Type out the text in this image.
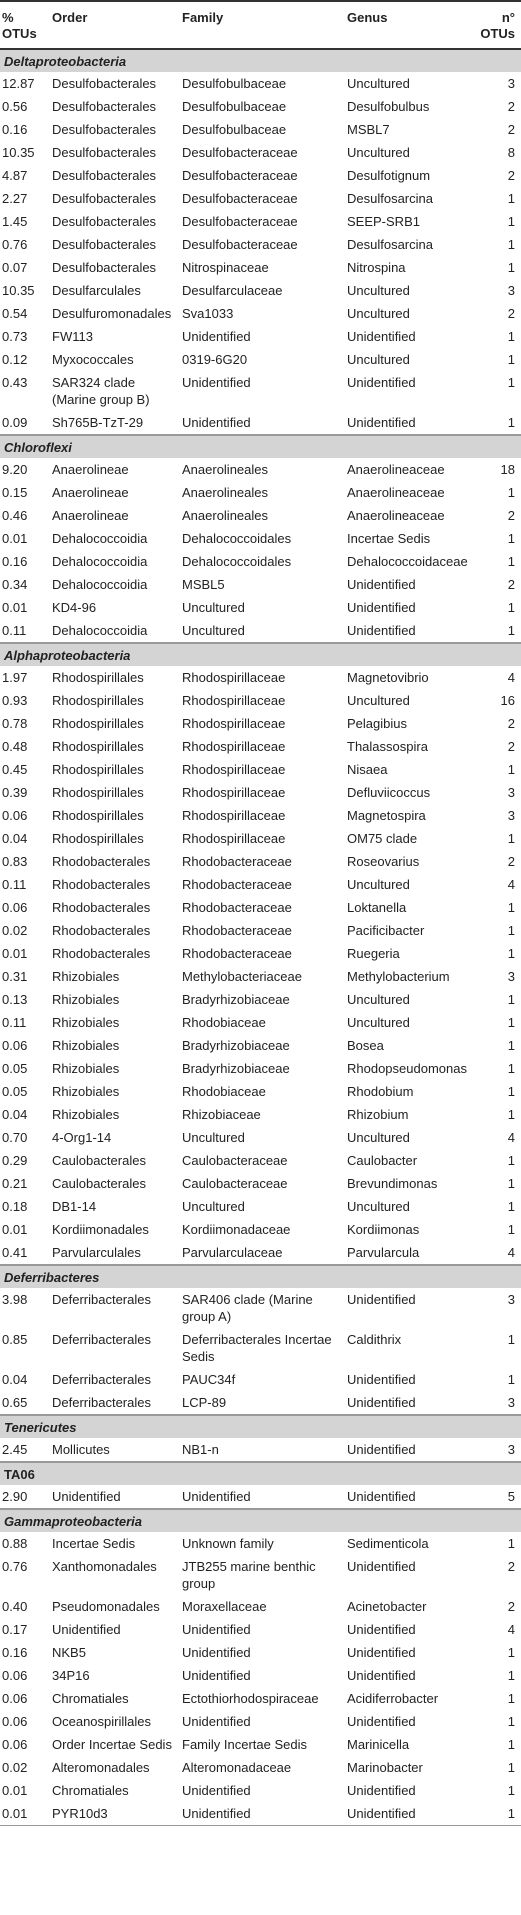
% OTUs	Order	Family	Genus	n° OTUs
Deltaproteobacteria				
12.87	Desulfobacterales	Desulfobulbaceae	Uncultured	3
0.56	Desulfobacterales	Desulfobulbaceae	Desulfobulbus	2
0.16	Desulfobacterales	Desulfobulbaceae	MSBL7	2
10.35	Desulfobacterales	Desulfobacteraceae	Uncultured	8
4.87	Desulfobacterales	Desulfobacteraceae	Desulfotignum	2
2.27	Desulfobacterales	Desulfobacteraceae	Desulfosarcina	1
1.45	Desulfobacterales	Desulfobacteraceae	SEEP-SRB1	1
0.76	Desulfobacterales	Desulfobacteraceae	Desulfosarcina	1
0.07	Desulfobacterales	Nitrospinaceae	Nitrospina	1
10.35	Desulfarculales	Desulfarculaceae	Uncultured	3
0.54	Desulfuromonadales	Sva1033	Uncultured	2
0.73	FW113	Unidentified	Unidentified	1
0.12	Myxococcales	0319-6G20	Uncultured	1
0.43	SAR324 clade (Marine group B)	Unidentified	Unidentified	1
0.09	Sh765B-TzT-29	Unidentified	Unidentified	1
Chloroflexi				
9.20	Anaerolineae	Anaerolineales	Anaerolineaceae	18
0.15	Anaerolineae	Anaerolineales	Anaerolineaceae	1
0.46	Anaerolineae	Anaerolineales	Anaerolineaceae	2
0.01	Dehalococcoidia	Dehalococcoidales	Incertae Sedis	1
0.16	Dehalococcoidia	Dehalococcoidales	Dehalococcoidaceae	1
0.34	Dehalococcoidia	MSBL5	Unidentified	2
0.01	KD4-96	Uncultured	Unidentified	1
0.11	Dehalococcoidia	Uncultured	Unidentified	1
Alphaproteobacteria				
1.97	Rhodospirillales	Rhodospirillaceae	Magnetovibrio	4
0.93	Rhodospirillales	Rhodospirillaceae	Uncultured	16
0.78	Rhodospirillales	Rhodospirillaceae	Pelagibius	2
0.48	Rhodospirillales	Rhodospirillaceae	Thalassospira	2
0.45	Rhodospirillales	Rhodospirillaceae	Nisaea	1
0.39	Rhodospirillales	Rhodospirillaceae	Defluviicoccus	3
0.06	Rhodospirillales	Rhodospirillaceae	Magnetospira	3
0.04	Rhodospirillales	Rhodospirillaceae	OM75 clade	1
0.83	Rhodobacterales	Rhodobacteraceae	Roseovarius	2
0.11	Rhodobacterales	Rhodobacteraceae	Uncultured	4
0.06	Rhodobacterales	Rhodobacteraceae	Loktanella	1
0.02	Rhodobacterales	Rhodobacteraceae	Pacificibacter	1
0.01	Rhodobacterales	Rhodobacteraceae	Ruegeria	1
0.31	Rhizobiales	Methylobacteriaceae	Methylobacterium	3
0.13	Rhizobiales	Bradyrhizobiaceae	Uncultured	1
0.11	Rhizobiales	Rhodobiaceae	Uncultured	1
0.06	Rhizobiales	Bradyrhizobiaceae	Bosea	1
0.05	Rhizobiales	Bradyrhizobiaceae	Rhodopseudomonas	1
0.05	Rhizobiales	Rhodobiaceae	Rhodobium	1
0.04	Rhizobiales	Rhizobiaceae	Rhizobium	1
0.70	4-Org1-14	Uncultured	Uncultured	4
0.29	Caulobacterales	Caulobacteraceae	Caulobacter	1
0.21	Caulobacterales	Caulobacteraceae	Brevundimonas	1
0.18	DB1-14	Uncultured	Uncultured	1
0.01	Kordiimonadales	Kordiimonadaceae	Kordiimonas	1
0.41	Parvularculales	Parvularculaceae	Parvularcula	4
Deferribacteres				
3.98	Deferribacterales	SAR406 clade (Marine group A)	Unidentified	3
0.85	Deferribacterales	Deferribacterales Incertae Sedis	Caldithrix	1
0.04	Deferribacterales	PAUC34f	Unidentified	1
0.65	Deferribacterales	LCP-89	Unidentified	3
Tenericutes				
2.45	Mollicutes	NB1-n	Unidentified	3
TA06				
2.90	Unidentified	Unidentified	Unidentified	5
Gammaproteobacteria				
0.88	Incertae Sedis	Unknown family	Sedimenticola	1
0.76	Xanthomonadales	JTB255 marine benthic group	Unidentified	2
0.40	Pseudomonadales	Moraxellaceae	Acinetobacter	2
0.17	Unidentified	Unidentified	Unidentified	4
0.16	NKB5	Unidentified	Unidentified	1
0.06	34P16	Unidentified	Unidentified	1
0.06	Chromatiales	Ectothiorhodospiraceae	Acidiferrobacter	1
0.06	Oceanospirillales	Unidentified	Unidentified	1
0.06	Order Incertae Sedis	Family Incertae Sedis	Marinicella	1
0.02	Alteromonadales	Alteromonadaceae	Marinobacter	1
0.01	Chromatiales	Unidentified	Unidentified	1
0.01	PYR10d3	Unidentified	Unidentified	1
